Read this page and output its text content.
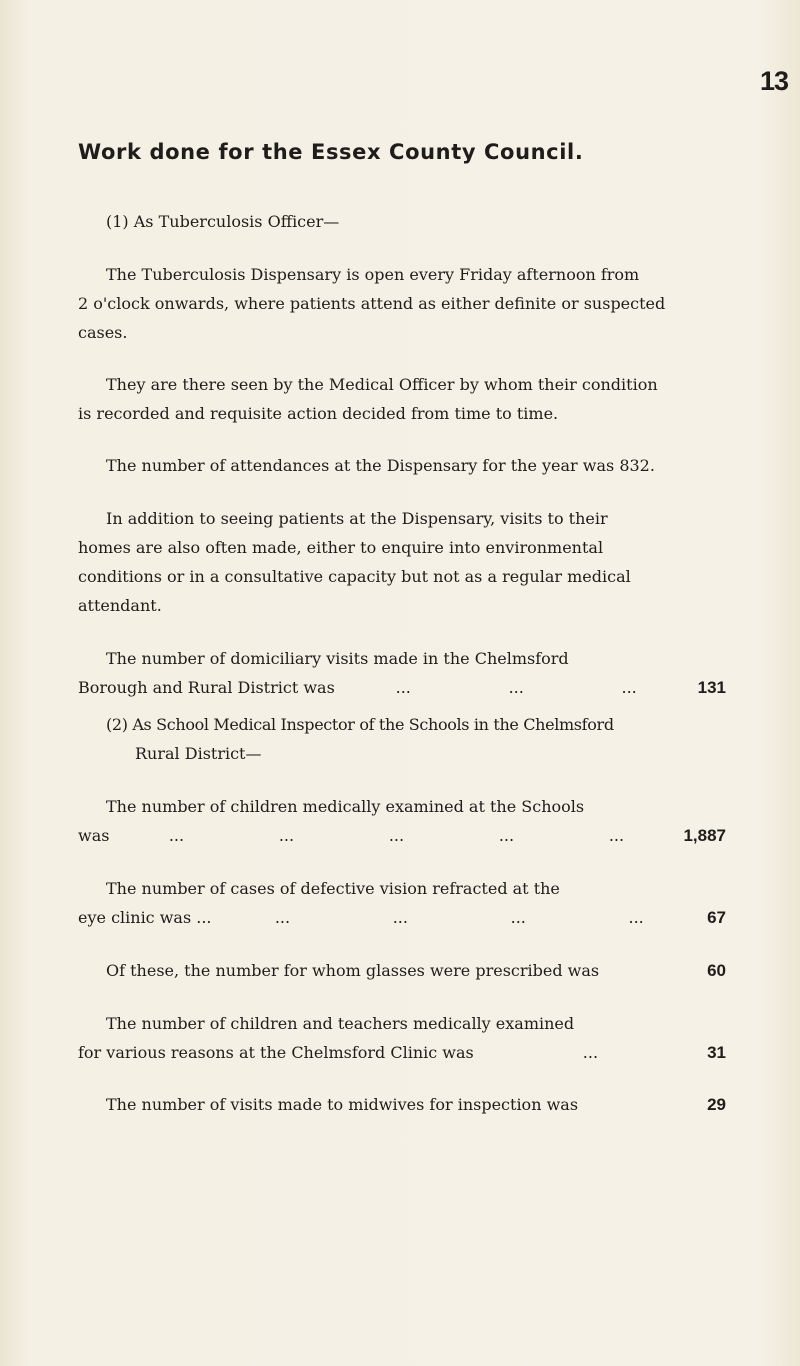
13
Work done for the Essex County Council.
(1) As Tuberculosis Officer—
The Tuberculosis Dispensary is open every Friday afternoon from
2 o'clock onwards, where patients attend as either definite or suspected
cases.
They are there seen by the Medical Officer by whom their condition
is recorded and requisite action decided from time to time.
The number of attendances at the Dispensary for the year was 832.
In addition to seeing patients at the Dispensary, visits to their
homes are also often made, either to enquire into environmental
conditions or in a consultative capacity but not as a regular medical
attendant.
The number of domiciliary visits made in the Chelmsford
Borough and Rural District was	...	...	...	131
(2) As School Medical Inspector of the Schools in the Chelmsford
Rural District—
The number of children medically examined at the Schools
was	...	...	...	...	...	1,887
The number of cases of defective vision refracted at the
eye clinic was ...	...	...	...	...	67
Of these, the number for whom glasses were prescribed was	60
The number of children and teachers medically examined
for various reasons at the Chelmsford Clinic was	...	31
The number of visits made to midwives for inspection was	29
